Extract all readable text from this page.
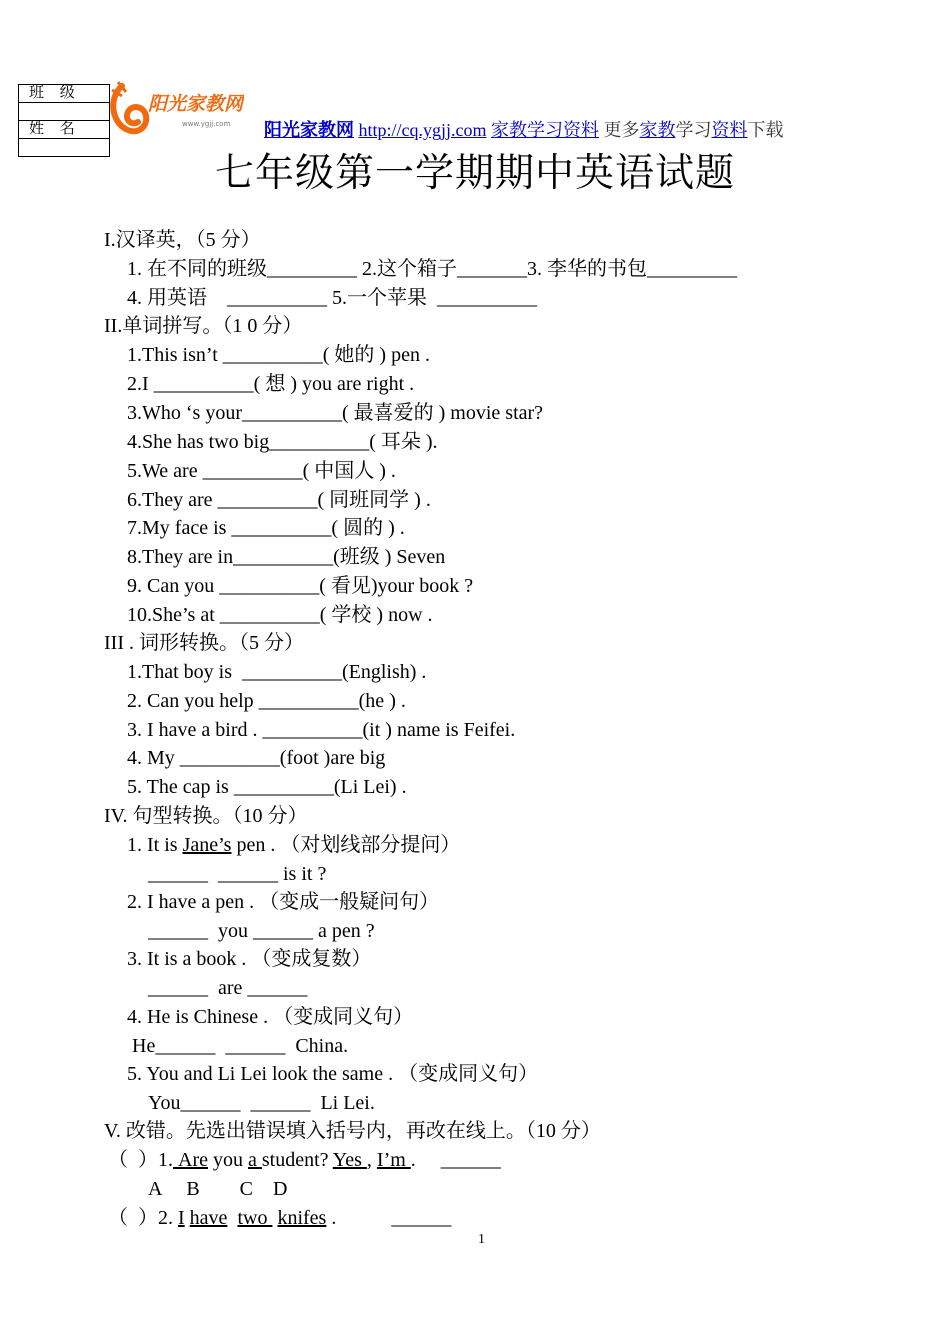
班 级

姓 名

阳光家教网
www.ygjj.com 阳光家教网 http://cq.ygjj.com 家教学习资料 更多家教学习资料下载
七年级第一学期期中英语试题
I.汉译英，（5 分）
1. 在不同的班级_________ 2.这个箱子_______3. 李华的书包_________
4. 用英语    __________ 5.一个苹果  __________
II.单词拼写。（1 0 分）
1.This isn’t __________( 她的 ) pen .
2.I __________( 想 ) you are right .
3.Who ‘s your__________( 最喜爱的 ) movie star?
4.She has two big__________( 耳朵 ).
5.We are __________( 中国人 ) .
6.They are __________( 同班同学 ) .
7.My face is __________( 圆的 ) .
8.They are in__________(班级 ) Seven
9. Can you __________( 看见)your book ?
10.She’s at __________( 学校 ) now .
III . 词形转换。（5 分）
1.That boy is  __________(English) .
2. Can you help __________(he ) .
3. I have a bird . __________(it ) name is Feifei.
4. My __________(foot )are big
5. The cap is __________(Li Lei) .
IV. 句型转换。（10 分）
1. It is Jane’s pen . （对划线部分提问）
______  ______ is it ?
2. I have a pen . （变成一般疑问句）
______  you ______ a pen ?
3. It is a book . （变成复数）
______  are ______
4. He is Chinese . （变成同义句）
He______  ______  China.
5. You and Li Lei look the same . （变成同义句）
You______  ______  Li Lei.
V. 改错。先选出错误填入括号内，再改在线上。（10 分）
（  ）1. Are you a student? Yes , I’m .     ______
A     B        C    D
（  ）2. I have two  knifes .           ______
1
